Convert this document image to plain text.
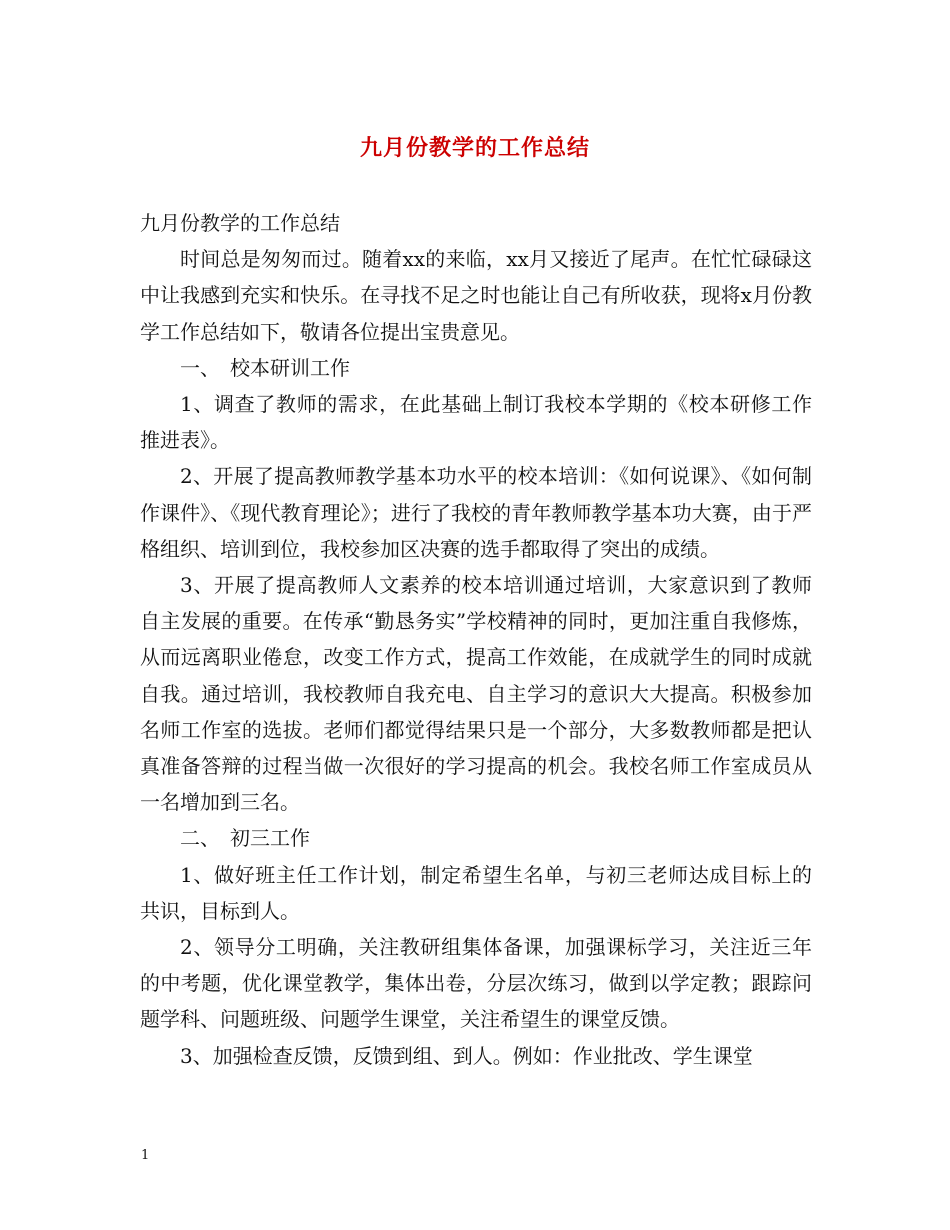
九月份教学的工作总结

九月份教学的工作总结

时间总是匆匆而过。随着xx的来临，xx月又接近了尾声。在忙忙碌碌这中让我感到充实和快乐。在寻找不足之时也能让自己有所收获，现将x月份教学工作总结如下，敬请各位提出宝贵意见。

一、　校本研训工作

1、调查了教师的需求，在此基础上制订我校本学期的《校本研修工作推进表》。

2、开展了提高教师教学基本功水平的校本培训：《如何说课》、《如何制作课件》、《现代教育理论》；进行了我校的青年教师教学基本功大赛，由于严格组织、培训到位，我校参加区决赛的选手都取得了突出的成绩。

3、开展了提高教师人文素养的校本培训通过培训，大家意识到了教师自主发展的重要。在传承“勤恳务实”学校精神的同时，更加注重自我修炼，从而远离职业倦怠，改变工作方式，提高工作效能，在成就学生的同时成就自我。通过培训，我校教师自我充电、自主学习的意识大大提高。积极参加名师工作室的选拔。老师们都觉得结果只是一个部分，大多数教师都是把认真准备答辩的过程当做一次很好的学习提高的机会。我校名师工作室成员从一名增加到三名。

二、　初三工作

1、做好班主任工作计划，制定希望生名单，与初三老师达成目标上的共识，目标到人。

2、领导分工明确，关注教研组集体备课，加强课标学习，关注近三年的中考题，优化课堂教学，集体出卷，分层次练习，做到以学定教；跟踪问题学科、问题班级、问题学生课堂，关注希望生的课堂反馈。

3、加强检查反馈，反馈到组、到人。例如：作业批改、学生课堂

1
